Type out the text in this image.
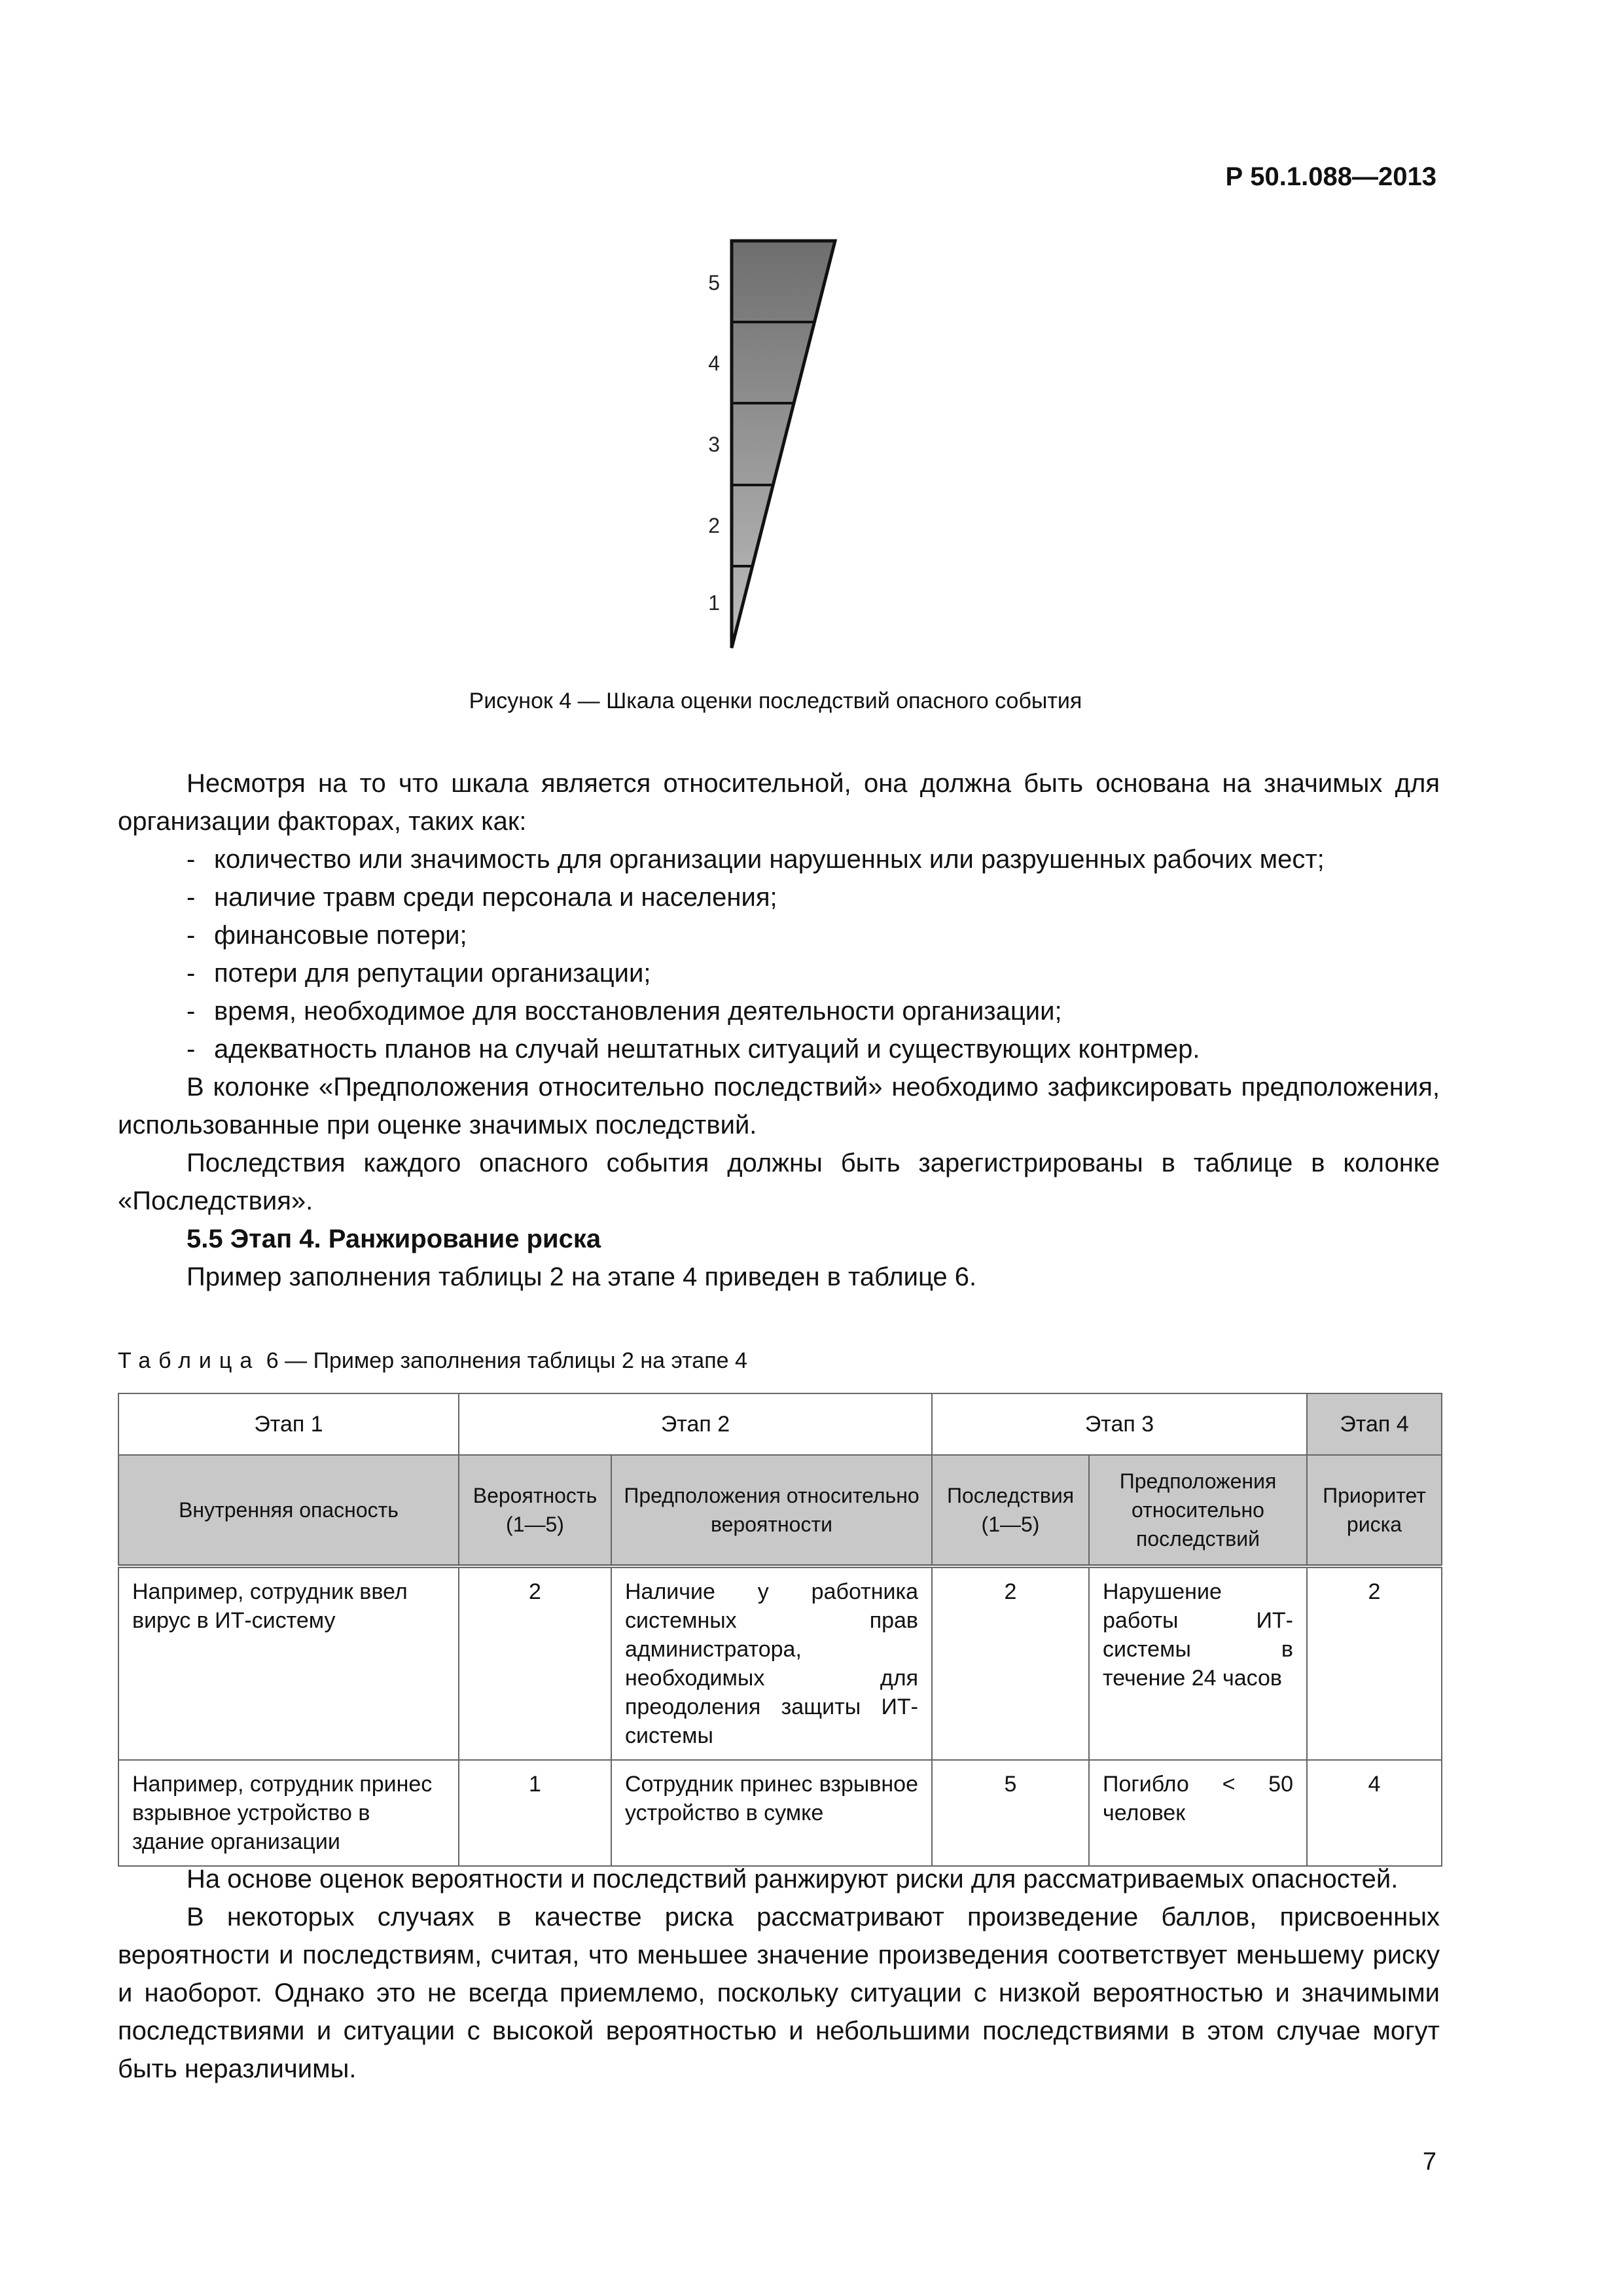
Р 50.1.088—2013
5
4
3
2
1
Рисунок 4 — Шкала оценки последствий опасного события

Несмотря на то что шкала является относительной, она должна быть основана на значимых для организации факторах, таких как:

- количество или значимость для организации нарушенных или разрушенных рабочих мест;
- наличие травм среди персонала и населения;
- финансовые потери;
- потери для репутации организации;
- время, необходимое для восстановления деятельности организации;
- адекватность планов на случай нештатных ситуаций и существующих контрмер.

В колонке «Предположения относительно последствий» необходимо зафиксировать предположения, использованные при оценке значимых последствий.

Последствия каждого опасного события должны быть зарегистрированы в таблице в колонке «Последствия».

5.5 Этап 4. Ранжирование риска

Пример заполнения таблицы 2 на этапе 4 приведен в таблице 6.

Таблица 6 — Пример заполнения таблицы 2 на этапе 4
Этап 1	Этап 2		Этап 3		Этап 4
Внутренняя опасность	Вероятность (1—5)	Предположения относительно вероятности	Последствия (1—5)	Предположения относительно последствий	Приоритет риска
Например, сотрудник ввел вирус в ИТ-систему	2	Наличие у работника системных прав администратора, необходимых для преодоления защиты ИТ-системы	2	Нарушение работы ИТ-системы в течение 24 часов	2
Например, сотрудник принес взрывное устройство в здание организации	1	Сотрудник принес взрывное устройство в сумке	5	Погибло < 50 человек	4

На основе оценок вероятности и последствий ранжируют риски для рассматриваемых опасностей.

В некоторых случаях в качестве риска рассматривают произведение баллов, присвоенных вероятности и последствиям, считая, что меньшее значение произведения соответствует меньшему риску и наоборот. Однако это не всегда приемлемо, поскольку ситуации с низкой вероятностью и значимыми последствиями и ситуации с высокой вероятностью и небольшими последствиями в этом случае могут быть неразличимы.

7
